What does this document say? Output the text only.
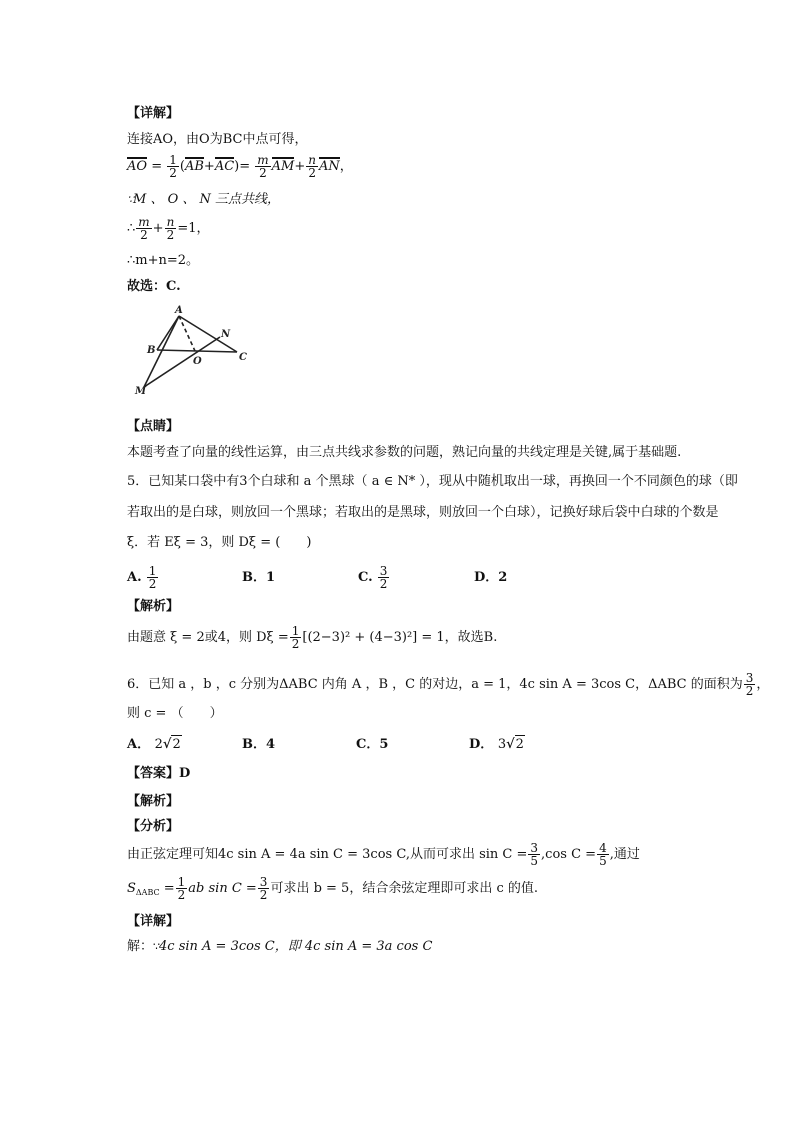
【详解】
连接AO，由O为BC中点可得，
AO = $\frac{1}{2} (AB+AC)= \frac{m}{2} AM+ \frac{n}{2}$ AN，
∵M 、 O 、 N 三点共线，
∴ $\frac{m}{2} + \frac{n}{2} =1$，
∴m+n=2。
故选：C.
A
B
O
N
C
M
【点睛】
本题考查了向量的线性运算，由三点共线求参数的问题，熟记向量的共线定理是关键,属于基础题.
5．已知某口袋中有3个白球和 a 个黑球（ a ∈ N* ），现从中随机取出一球，再换回一个不同颜色的球（即
若取出的是白球，则放回一个黑球；若取出的是黑球，则放回一个白球），记换好球后袋中白球的个数是
ξ．若 Eξ = 3，则 Dξ = (　　)
A. $\frac{1}{2}$	B．1	C. $\frac{3}{2}$	D．2
【解析】
由题意 ξ = 2或4，则 $D\xi = \frac{1}{2} [(2-3)^2 + (4-3)^2] = 1$，故选B.
6．已知 a ，b ，c 分别为ΔABC 内角 A ，B ，C 的对边，a = 1，4c sin A = 3cos C，ΔABC 的面积为 $\frac{3}{2}$ ，
则 c = （　　）
A． 2√2	B．4	C．5	D． 3√2
【答案】D
【解析】
【分析】
由正弦定理可知4c sin A = 4a sin C = 3cos C,从而可求出 $\sin C = \frac{3}{5} ,\cos$ $C = \frac{4}{5}$ ,通过
$S_{\Delta ABC} = \frac{1}{2}$ ab $\sin C = \frac{3}{2}$ 可求出 b = 5，结合余弦定理即可求出 c 的值.
【详解】
解：∵4c sin A = 3cos C，即 4c sin A = 3a cos C
